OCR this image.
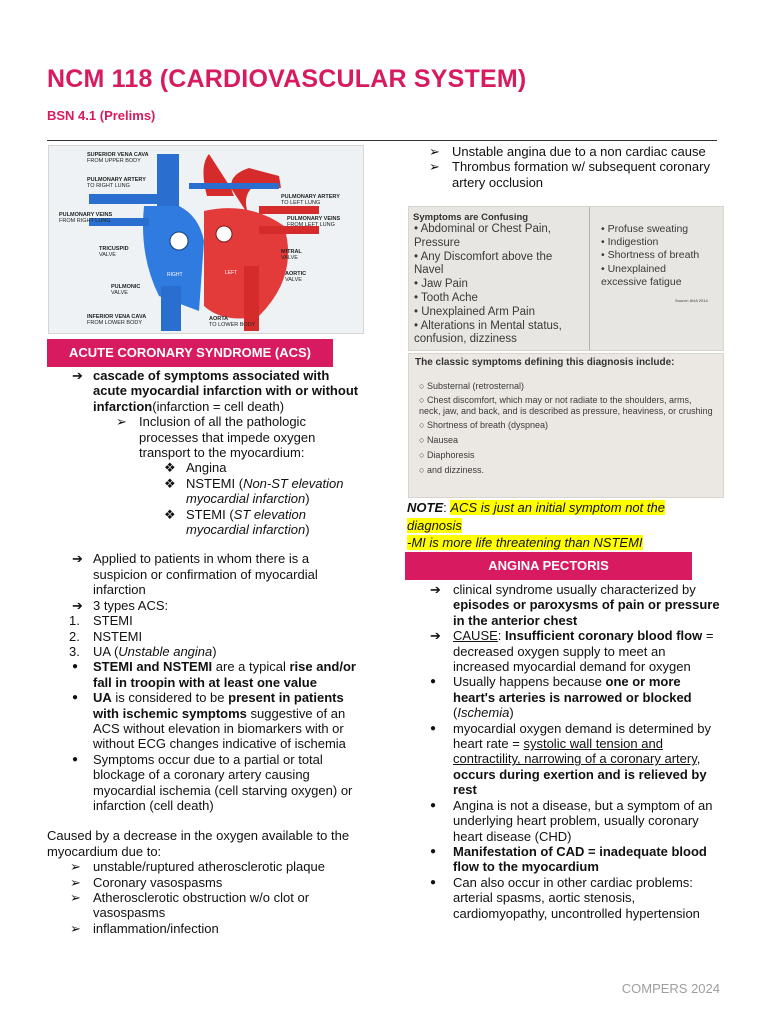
NCM 118 (CARDIOVASCULAR SYSTEM)
BSN 4.1 (Prelims)
RIGHT	LEFT
SUPERIOR VENA CAVA
FROM UPPER BODY
PULMONARY ARTERY
TO RIGHT LUNG
PULMONARY VEINS
FROM RIGHT LUNG
TRICUSPID
VALVE
PULMONIC
VALVE
INFERIOR VENA CAVA
FROM LOWER BODY
PULMONARY ARTERY
TO LEFT LUNG
PULMONARY VEINS
FROM LEFT LUNG
MITRAL
VALVE
AORTIC
VALVE
AORTA
TO LOWER BODY
ACUTE CORONARY SYNDROME (ACS)
➔ cascade of symptoms associated with acute myocardial infarction with or without infarction(infarction = cell death)
➢ Inclusion of all the pathologic processes that impede oxygen transport to the myocardium:
❖ Angina
❖ NSTEMI (Non-ST elevation myocardial infarction)
❖ STEMI (ST elevation myocardial infarction)
➔ Applied to patients in whom there is a suspicion or confirmation of myocardial infarction
➔ 3 types ACS:
1. STEMI
2. NSTEMI
3. UA (Unstable angina)
● STEMI and NSTEMI are a typical rise and/or fall in troopin with at least one value
● UA is considered to be present in patients with ischemic symptoms suggestive of an ACS without elevation in biomarkers with or without ECG changes indicative of ischemia
● Symptoms occur due to a partial or total blockage of a coronary artery causing myocardial ischemia (cell starving oxygen) or infarction (cell death)
Caused by a decrease in the oxygen available to the myocardium due to:
➢ unstable/ruptured atherosclerotic plaque
➢ Coronary vasospasms
➢ Atherosclerotic obstruction w/o clot or vasospasms
➢ inflammation/infection
➢ Unstable angina due to a non cardiac cause
➢ Thrombus formation w/ subsequent coronary artery occlusion
Symptoms are Confusing
• Abdominal or Chest Pain,
Pressure
• Any Discomfort above the
Navel
• Jaw Pain
• Tooth Ache
• Unexplained Arm Pain
• Alterations in Mental status,
confusion, dizziness
• Profuse sweating
• Indigestion
• Shortness of breath
• Unexplained
excessive fatigue
Source: AHA 2014
The classic symptoms defining this diagnosis include:
○ Substernal (retrosternal)
○ Chest discomfort, which may or not radiate to the shoulders, arms, neck, jaw, and back, and is described as pressure, heaviness, or crushing
○ Shortness of breath (dyspnea)
○ Nausea
○ Diaphoresis
○ and dizziness.
NOTE: ACS is just an initial symptom not the diagnosis
-MI is more life threatening than NSTEMI
ANGINA PECTORIS
➔ clinical syndrome usually characterized by episodes or paroxysms of pain or pressure in the anterior chest
➔ CAUSE: Insufficient coronary blood flow = decreased oxygen supply to meet an increased myocardial demand for oxygen
● Usually happens because one or more heart's arteries is narrowed or blocked (Ischemia)
● myocardial oxygen demand is determined by heart rate = systolic wall tension and contractility, narrowing of a coronary artery, occurs during exertion and is relieved by rest
● Angina is not a disease, but a symptom of an underlying heart problem, usually coronary heart disease (CHD)
● Manifestation of CAD = inadequate blood flow to the myocardium
● Can also occur in other cardiac problems: arterial spasms, aortic stenosis, cardiomyopathy, uncontrolled hypertension
COMPERS 2024
